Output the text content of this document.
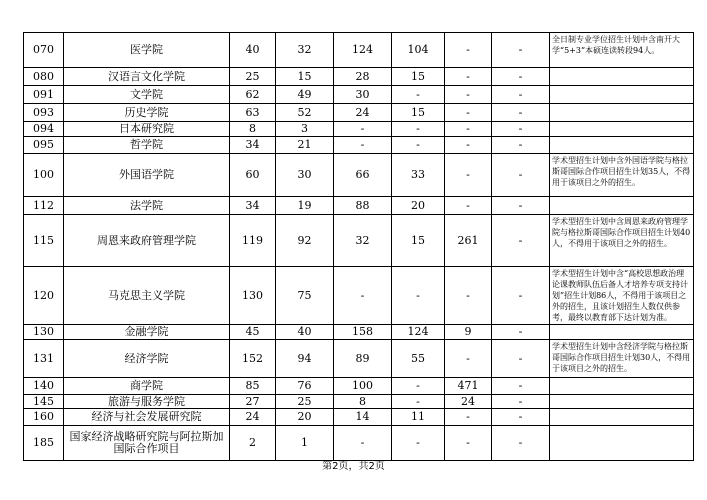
070	医学院	40	32	124	104	-	-	全日制专业学位招生计划中含南开大学“5+3”本硕连读转段94人。
080	汉语言文化学院	25	15	28	15	-	-	
091	文学院	62	49	30	-	-	-	
093	历史学院	63	52	24	15	-	-	
094	日本研究院	8	3	-	-	-	-	
095	哲学院	34	21	-	-	-	-	
100	外国语学院	60	30	66	33	-	-	学术型招生计划中含外国语学院与格拉斯哥国际合作项目招生计划35人，不得用于该项目之外的招生。
112	法学院	34	19	88	20	-	-	
115	周恩来政府管理学院	119	92	32	15	261	-	学术型招生计划中含周恩来政府管理学院与格拉斯哥国际合作项目招生计划40人，不得用于该项目之外的招生。
120	马克思主义学院	130	75	-	-	-	-	学术型招生计划中含“高校思想政治理论课教师队伍后备人才培养专项支持计划”招生计划86人，不得用于该项目之外的招生，且该计划招生人数仅供参考，最终以教育部下达计划为准。
130	金融学院	45	40	158	124	9	-	
131	经济学院	152	94	89	55	-	-	学术型招生计划中含经济学院与格拉斯哥国际合作项目招生计划30人，不得用于该项目之外的招生。
140	商学院	85	76	100	-	471	-	
145	旅游与服务学院	27	25	8	-	24	-	
160	经济与社会发展研究院	24	20	14	11	-	-	
185	国家经济战略研究院与阿拉斯加国际合作项目	2	1	-	-	-	-	
第2页，共2页
